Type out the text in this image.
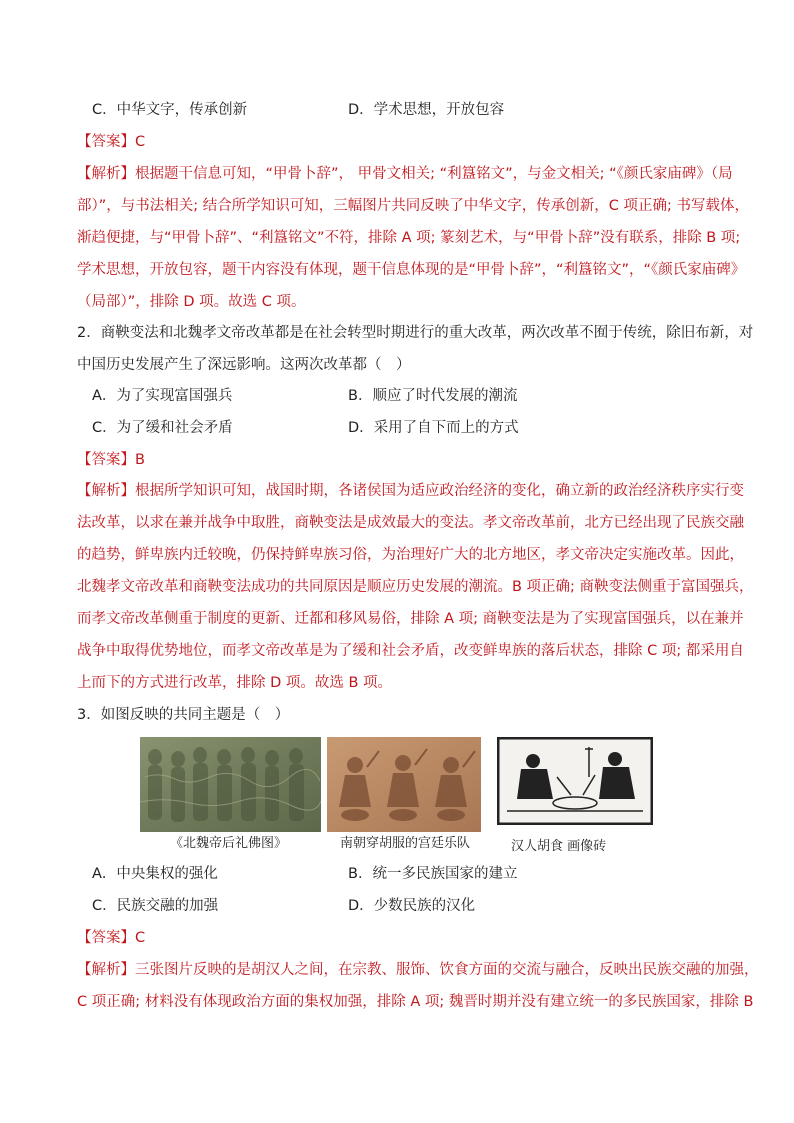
C．中华文字，传承创新	D．学术思想，开放包容
【答案】C
【解析】根据题干信息可知，“甲骨卜辞”， 甲骨文相关; “利簋铭文”，与金文相关; “《颜氏家庙碑》（局
部）”，与书法相关; 结合所学知识可知，三幅图片共同反映了中华文字，传承创新，C 项正确; 书写载体，
渐趋便捷，与“甲骨卜辞”、“利簋铭文”不符，排除 A 项; 篆刻艺术，与“甲骨卜辞”没有联系，排除 B 项;
学术思想，开放包容，题干内容没有体现，题干信息体现的是“甲骨卜辞”，“利簋铭文”，“《颜氏家庙碑》
（局部）”，排除 D 项。故选 C 项。
2．商鞅变法和北魏孝文帝改革都是在社会转型时期进行的重大改革，两次改革不囿于传统，除旧布新，对
中国历史发展产生了深远影响。这两次改革都（　）
A．为了实现富国强兵	B．顺应了时代发展的潮流
C．为了缓和社会矛盾	D．采用了自下而上的方式
【答案】B
【解析】根据所学知识可知，战国时期，各诸侯国为适应政治经济的变化，确立新的政治经济秩序实行变
法改革，以求在兼并战争中取胜，商鞅变法是成效最大的变法。孝文帝改革前，北方已经出现了民族交融
的趋势，鲜卑族内迁较晚，仍保持鲜卑族习俗，为治理好广大的北方地区，孝文帝决定实施改革。因此，
北魏孝文帝改革和商鞅变法成功的共同原因是顺应历史发展的潮流。B 项正确; 商鞅变法侧重于富国强兵，
而孝文帝改革侧重于制度的更新、迁都和移风易俗，排除 A 项; 商鞅变法是为了实现富国强兵，以在兼并
战争中取得优势地位，而孝文帝改革是为了缓和社会矛盾，改变鲜卑族的落后状态，排除 C 项; 都采用自
上而下的方式进行改革，排除 D 项。故选 B 项。
3．如图反映的共同主题是（　）
《北魏帝后礼佛图》	南朝穿胡服的宫廷乐队	汉人胡食 画像砖
A．中央集权的强化	B．统一多民族国家的建立
C．民族交融的加强	D．少数民族的汉化
【答案】C
【解析】三张图片反映的是胡汉人之间，在宗教、服饰、饮食方面的交流与融合，反映出民族交融的加强，
C 项正确; 材料没有体现政治方面的集权加强，排除 A 项; 魏晋时期并没有建立统一的多民族国家，排除 B
